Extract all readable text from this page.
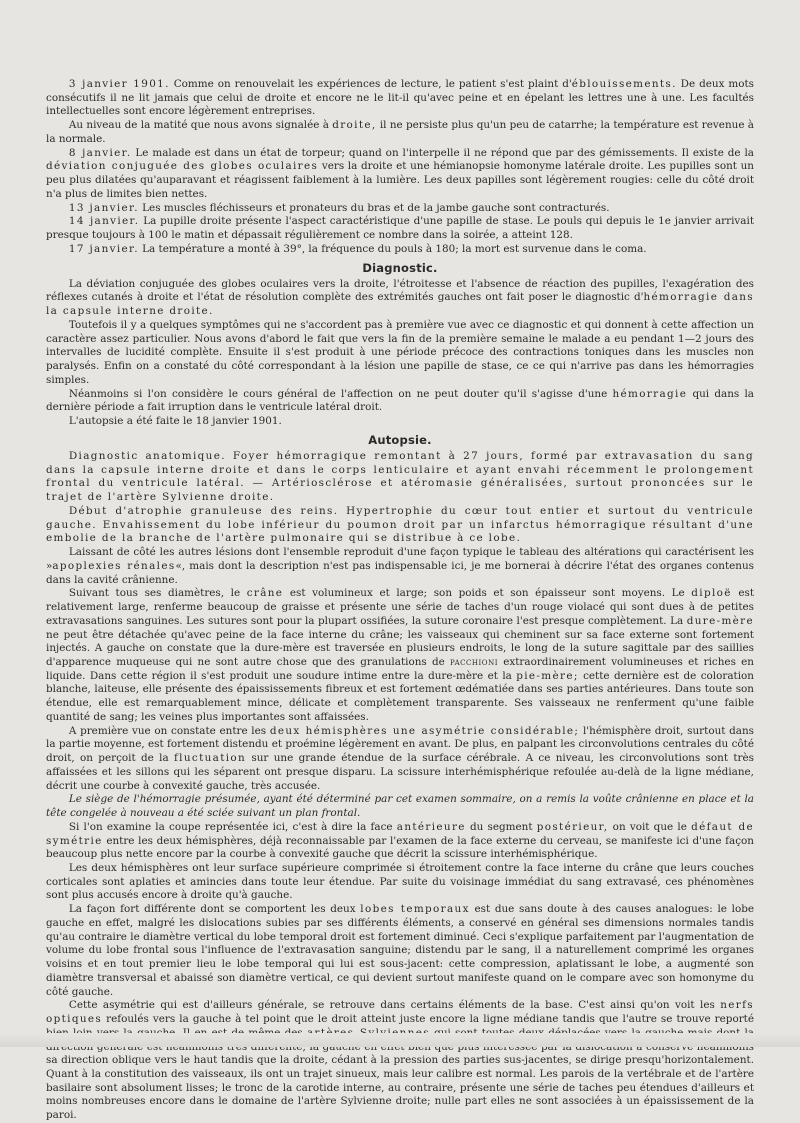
3 janvier 1901. Comme on renouvelait les expériences de lecture, le patient s'est plaint d'éblouissements. De deux mots consécutifs il ne lit jamais que celui de droite et encore ne le lit-il qu'avec peine et en épelant les lettres une à une. Les facultés intellectuelles sont encore légèrement entreprises.

Au niveau de la matité que nous avons signalée à droite, il ne persiste plus qu'un peu de catarrhe; la température est revenue à la normale.

8 janvier. Le malade est dans un état de torpeur; quand on l'interpelle il ne répond que par des gémissements. Il existe de la déviation conjuguée des globes oculaires vers la droite et une hémianopsie homonyme latérale droite. Les pupilles sont un peu plus dilatées qu'auparavant et réagissent faiblement à la lumière. Les deux papilles sont légèrement rougies: celle du côté droit n'a plus de limites bien nettes.

13 janvier. Les muscles fléchisseurs et pronateurs du bras et de la jambe gauche sont contracturés.

14 janvier. La pupille droite présente l'aspect caractéristique d'une papille de stase. Le pouls qui depuis le 1e janvier arrivait presque toujours à 100 le matin et dépassait régulièrement ce nombre dans la soirée, a atteint 128.

17 janvier. La température a monté à 39°, la fréquence du pouls à 180; la mort est survenue dans le coma.

Diagnostic.

La déviation conjuguée des globes oculaires vers la droite, l'étroitesse et l'absence de réaction des pupilles, l'exagération des réflexes cutanés à droite et l'état de résolution complète des extrémités gauches ont fait poser le diagnostic d'hémorragie dans la capsule interne droite.

Toutefois il y a quelques symptômes qui ne s'accordent pas à première vue avec ce diagnostic et qui donnent à cette affection un caractère assez particulier. Nous avons d'abord le fait que vers la fin de la première semaine le malade a eu pendant 1—2 jours des intervalles de lucidité complète. Ensuite il s'est produit à une période précoce des contractions toniques dans les muscles non paralysés. Enfin on a constaté du côté correspondant à la lésion une papille de stase, ce ce qui n'arrive pas dans les hémorragies simples.

Néanmoins si l'on considère le cours général de l'affection on ne peut douter qu'il s'agisse d'une hémorragie qui dans la dernière période a fait irruption dans le ventricule latéral droit.

L'autopsie a été faite le 18 janvier 1901.

Autopsie.

Diagnostic anatomique. Foyer hémorragique remontant à 27 jours, formé par extravasation du sang dans la capsule interne droite et dans le corps lenticulaire et ayant envahi récemment le prolongement frontal du ventricule latéral. — Artériosclérose et atéromasie généralisées, surtout prononcées sur le trajet de l'artère Sylvienne droite.

Début d'atrophie granuleuse des reins. Hypertrophie du cœur tout entier et surtout du ventricule gauche. Envahissement du lobe inférieur du poumon droit par un infarctus hémorragique résultant d'une embolie de la branche de l'artère pulmonaire qui se distribue à ce lobe.

Laissant de côté les autres lésions dont l'ensemble reproduit d'une façon typique le tableau des altérations qui caractérisent les »apoplexies rénales«, mais dont la description n'est pas indispensable ici, je me bornerai à décrire l'état des organes contenus dans la cavité crânienne.

Suivant tous ses diamètres, le crâne est volumineux et large; son poids et son épaisseur sont moyens. Le diploë est relativement large, renferme beaucoup de graisse et présente une série de taches d'un rouge violacé qui sont dues à de petites extravasations sanguines. Les sutures sont pour la plupart ossifiées, la suture coronaire l'est presque complètement. La dure-mère ne peut être détachée qu'avec peine de la face interne du crâne; les vaisseaux qui cheminent sur sa face externe sont fortement injectés. A gauche on constate que la dure-mère est traversée en plusieurs endroits, le long de la suture sagittale par des saillies d'apparence muqueuse qui ne sont autre chose que des granulations de pacchioni extraordinairement volumineuses et riches en liquide. Dans cette région il s'est produit une soudure intime entre la dure-mère et la pie-mère; cette dernière est de coloration blanche, laiteuse, elle présente des épaississements fibreux et est fortement œdématiée dans ses parties antérieures. Dans toute son étendue, elle est remarquablement mince, délicate et complètement transparente. Ses vaisseaux ne renferment qu'une faible quantité de sang; les veines plus importantes sont affaissées.

A première vue on constate entre les deux hémisphères une asymétrie considérable; l'hémisphère droit, surtout dans la partie moyenne, est fortement distendu et proémine légèrement en avant. De plus, en palpant les circonvolutions centrales du côté droit, on perçoit de la fluctuation sur une grande étendue de la surface cérébrale. A ce niveau, les circonvolutions sont très affaissées et les sillons qui les séparent ont presque disparu. La scissure interhémisphérique refoulée au-delà de la ligne médiane, décrit une courbe à convexité gauche, très accusée.

Le siège de l'hémorragie présumée, ayant été déterminé par cet examen sommaire, on a remis la voûte crânienne en place et la tête congelée à nouveau a été sciée suivant un plan frontal.

Si l'on examine la coupe représentée ici, c'est à dire la face antérieure du segment postérieur, on voit que le défaut de symétrie entre les deux hémisphères, déjà reconnaissable par l'examen de la face externe du cerveau, se manifeste ici d'une façon beaucoup plus nette encore par la courbe à convexité gauche que décrit la scissure interhémisphérique.

Les deux hémisphères ont leur surface supérieure comprimée si étroitement contre la face interne du crâne que leurs couches corticales sont aplaties et amincies dans toute leur étendue. Par suite du voisinage immédiat du sang extravasé, ces phénomènes sont plus accusés encore à droite qu'à gauche.

La façon fort différente dont se comportent les deux lobes temporaux est due sans doute à des causes analogues: le lobe gauche en effet, malgré les dislocations subies par ses différents éléments, a conservé en général ses dimensions normales tandis qu'au contraire le diamètre vertical du lobe temporal droit est fortement diminué. Ceci s'explique parfaitement par l'augmentation de volume du lobe frontal sous l'influence de l'extravasation sanguine; distendu par le sang, il a naturellement comprimé les organes voisins et en tout premier lieu le lobe temporal qui lui est sous-jacent: cette compression, aplatissant le lobe, a augmenté son diamètre transversal et abaissé son diamètre vertical, ce qui devient surtout manifeste quand on le compare avec son homonyme du côté gauche.

Cette asymétrie qui est d'ailleurs générale, se retrouve dans certains éléments de la base. C'est ainsi qu'on voit les nerfs optiques refoulés vers la gauche à tel point que le droit atteint juste encore la ligne médiane tandis que l'autre se trouve reporté sa direction oblique vers le haut tandis que la droite, cédant à la pression des parties sus-jacentes, se dirige presqu'horizontalement. Quant à la constitution des vaisseaux, ils ont un trajet sinueux, mais leur calibre est normal. Les parois de la vertébrale et de l'artère basilaire sont absolument lisses; le tronc de la carotide interne, au contraire, présente une série de taches peu étendues d'ailleurs et moins nombreuses encore dans le domaine de l'artère Sylvienne droite; nulle part elles ne sont associées à un épaississement de la paroi.
